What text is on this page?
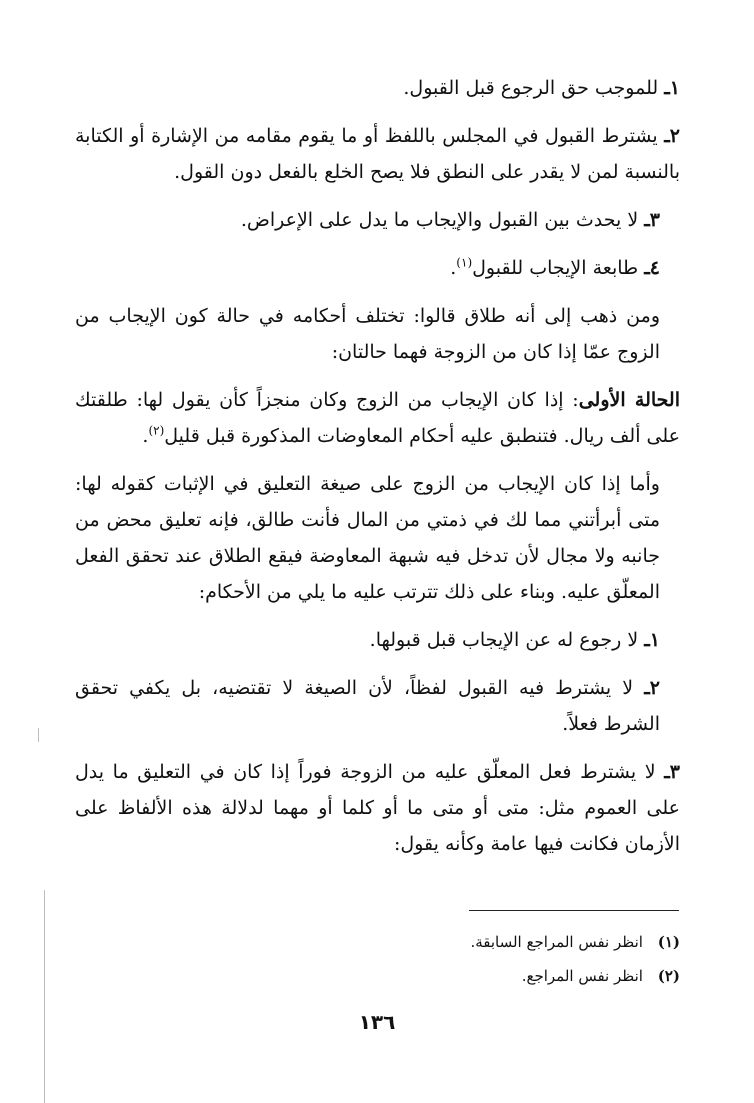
١ـ للموجب حق الرجوع قبل القبول.

٢ـ يشترط القبول في المجلس باللفظ أو ما يقوم مقامه من الإشارة أو الكتابة بالنسبة لمن لا يقدر على النطق فلا يصح الخلع بالفعل دون القول.

٣ـ لا يحدث بين القبول والإيجاب ما يدل على الإعراض.

٤ـ طابعة الإيجاب للقبول$^{(١)}$.

ومن ذهب إلى أنه طلاق قالوا: تختلف أحكامه في حالة كون الإيجاب من الزوج عمّا إذا كان من الزوجة فهما حالتان:

الحالة الأولى: إذا كان الإيجاب من الزوج وكان منجزاً كأن يقول لها: طلقتك على ألف ريال. فتنطبق عليه أحكام المعاوضات المذكورة قبل قليل$^{(٢)}$.

وأما إذا كان الإيجاب من الزوج على صيغة التعليق في الإثبات كقوله لها: متى أبرأتني مما لك في ذمتي من المال فأنت طالق، فإنه تعليق محض من جانبه ولا مجال لأن تدخل فيه شبهة المعاوضة فيقع الطلاق عند تحقق الفعل المعلّق عليه. وبناء على ذلك تترتب عليه ما يلي من الأحكام:

١ـ لا رجوع له عن الإيجاب قبل قبولها.

٢ـ لا يشترط فيه القبول لفظاً، لأن الصيغة لا تقتضيه، بل يكفي تحقق الشرط فعلاً.

٣ـ لا يشترط فعل المعلّق عليه من الزوجة فوراً إذا كان في التعليق ما يدل على العموم مثل: متى أو متى ما أو كلما أو مهما لدلالة هذه الألفاظ على الأزمان فكانت فيها عامة وكأنه يقول:

(١) انظر نفس المراجع السابقة.
(٢) انظر نفس المراجع.
١٣٦
